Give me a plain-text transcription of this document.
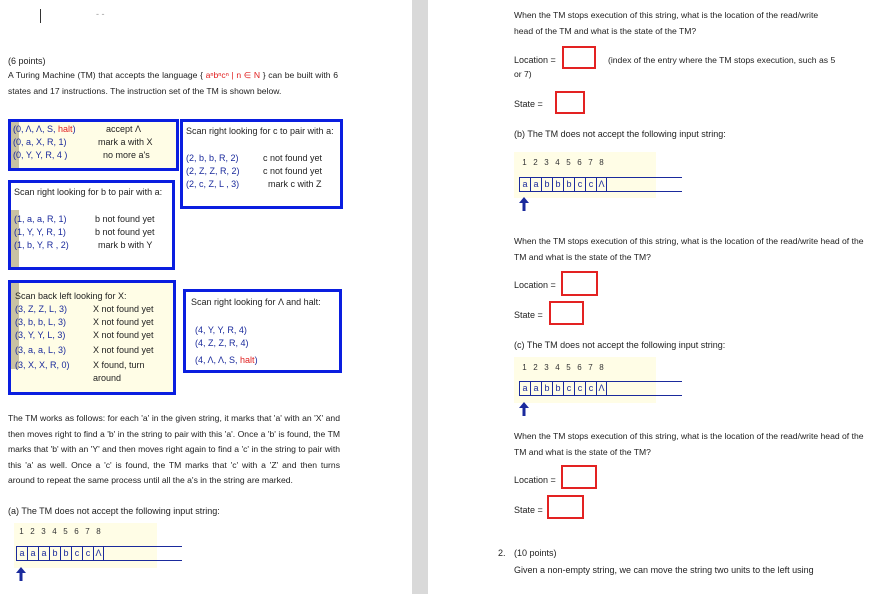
- -
(6 points)
A Turing Machine (TM) that accepts the language { aⁿbⁿcⁿ | n ∈ N } can be built with 6 states and 17 instructions. The instruction set of the TM is shown below.
(0, Λ, Λ, S, halt)
(0, a, X, R, 1)
(0, Y, Y, R, 4 )
accept Λ
mark a with X
no more a's
Scan right looking for c to pair with a:
(2, b, b, R, 2)
(2, Z, Z, R, 2)
(2, c, Z, L , 3)
c not found yet
c not found yet
mark c with Z
Scan right looking for b to pair with a:
(1, a, a, R, 1)
(1, Y, Y, R, 1)
(1, b, Y, R , 2)
b not found yet
b not found yet
mark b with Y
Scan back left looking for X:
(3, Z, Z, L, 3)
(3, b, b, L, 3)
(3, Y, Y, L, 3)
(3, a, a, L, 3)
(3, X, X, R, 0)
X not found yet
X not found yet
X not found yet
X not found yet
X found, turn around
Scan right looking for Λ and halt:
(4, Y, Y, R, 4)
(4, Z, Z, R, 4)
(4, Λ, Λ, S, halt)
The TM works as follows: for each 'a' in the given string, it marks that 'a' with an 'X' and then moves right to find a 'b' in the string to pair with this 'a'. Once a 'b' is found, the TM marks that 'b' with an 'Y' and then moves right again to find a 'c' in the string to pair with this 'a' as well. Once a 'c' is found, the TM marks that 'c' with a 'Z' and then turns around to repeat the same process until all the a's in the string are marked.
(a) The TM does not accept the following input string:
1 2 3 4 5 6 7 8
a a a b b c c Λ
When the TM stops execution of this string, what is the location of the read/write head of the TM and what is the state of the TM?
Location =	(index of the entry where the TM stops execution, such as 5 or 7)
State =
(b) The TM does not accept the following input string:
1 2 3 4 5 6 7 8
a a b b b c c Λ
When the TM stops execution of this string, what is the location of the read/write head of the TM and what is the state of the TM?
Location =
State =
(c) The TM does not accept the following input string:
1 2 3 4 5 6 7 8
a a b b c c c Λ
When the TM stops execution of this string, what is the location of the read/write head of the TM and what is the state of the TM?
Location =
State =
2. (10 points)
Given a non-empty string, we can move the string two units to the left using
